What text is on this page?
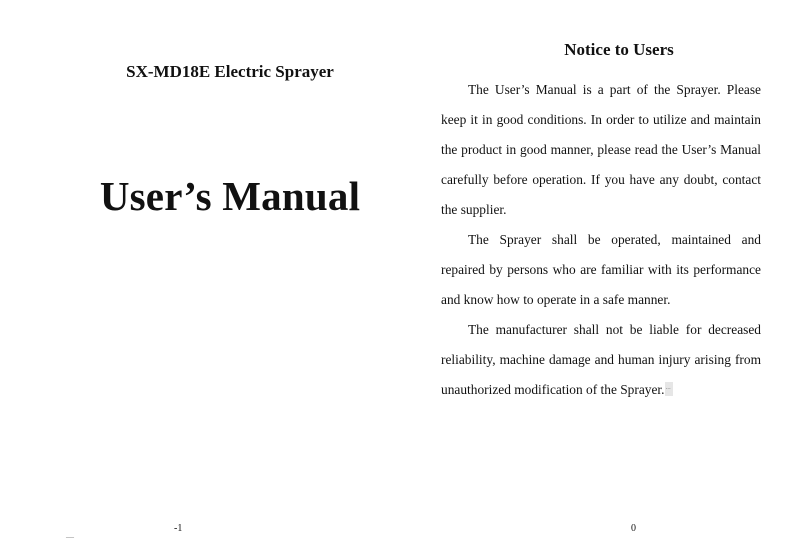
SX-MD18E Electric Sprayer
User’s Manual
-1
—
Notice to Users

The User’s Manual is a part of the Sprayer. Please keep it in good conditions. In order to utilize and maintain the product in good manner, please read the User’s Manual carefully before operation. If you have any doubt, contact the supplier.

The Sprayer shall be operated, maintained and repaired by persons who are familiar with its performance and know how to operate in a safe manner.

The manufacturer shall not be liable for decreased reliability, machine damage and human injury arising from unauthorized modification of the Sprayer....

0
